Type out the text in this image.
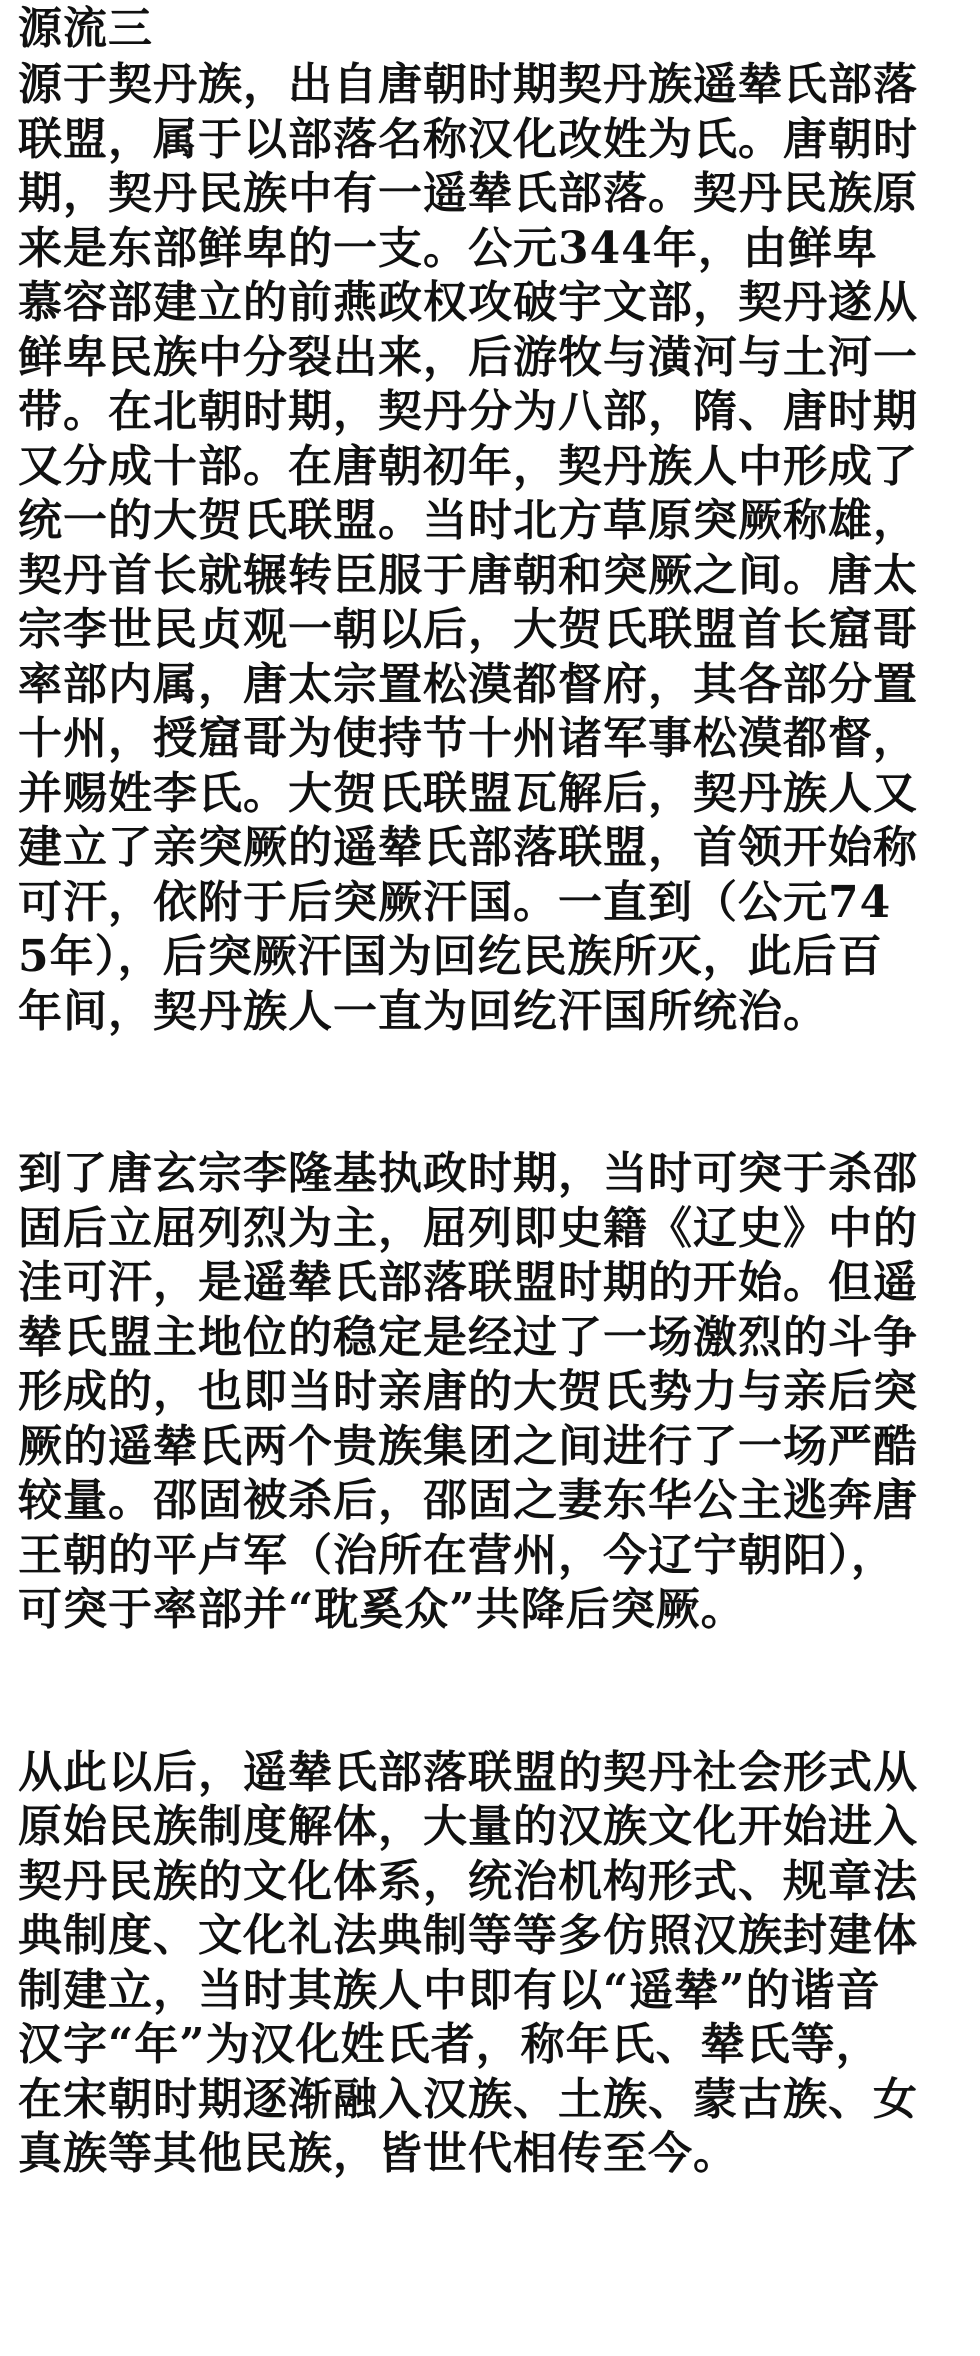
源流三
源于契丹族，出自唐朝时期契丹族遥辇氏部落
联盟，属于以部落名称汉化改姓为氏。唐朝时
期，契丹民族中有一遥辇氏部落。契丹民族原
来是东部鲜卑的一支。公元344年，由鲜卑
慕容部建立的前燕政权攻破宇文部，契丹遂从
鲜卑民族中分裂出来，后游牧与潢河与土河一
带。在北朝时期，契丹分为八部，隋、唐时期
又分成十部。在唐朝初年，契丹族人中形成了
统一的大贺氏联盟。当时北方草原突厥称雄，
契丹首长就辗转臣服于唐朝和突厥之间。唐太
宗李世民贞观一朝以后，大贺氏联盟首长窟哥
率部内属，唐太宗置松漠都督府，其各部分置
十州，授窟哥为使持节十州诸军事松漠都督，
并赐姓李氏。大贺氏联盟瓦解后，契丹族人又
建立了亲突厥的遥辇氏部落联盟，首领开始称
可汗，依附于后突厥汗国。一直到（公元74
5年），后突厥汗国为回纥民族所灭，此后百
年间，契丹族人一直为回纥汗国所统治。
到了唐玄宗李隆基执政时期，当时可突于杀邵
固后立屈列烈为主，屈列即史籍《辽史》中的
洼可汗，是遥辇氏部落联盟时期的开始。但遥
辇氏盟主地位的稳定是经过了一场激烈的斗争
形成的，也即当时亲唐的大贺氏势力与亲后突
厥的遥辇氏两个贵族集团之间进行了一场严酷
较量。邵固被杀后，邵固之妻东华公主逃奔唐
王朝的平卢军（治所在营州，今辽宁朝阳），
可突于率部并“耽奚众”共降后突厥。
从此以后，遥辇氏部落联盟的契丹社会形式从
原始民族制度解体，大量的汉族文化开始进入
契丹民族的文化体系，统治机构形式、规章法
典制度、文化礼法典制等等多仿照汉族封建体
制建立，当时其族人中即有以“遥辇”的谐音
汉字“年”为汉化姓氏者，称年氏、辇氏等，
在宋朝时期逐渐融入汉族、土族、蒙古族、女
真族等其他民族，皆世代相传至今。
